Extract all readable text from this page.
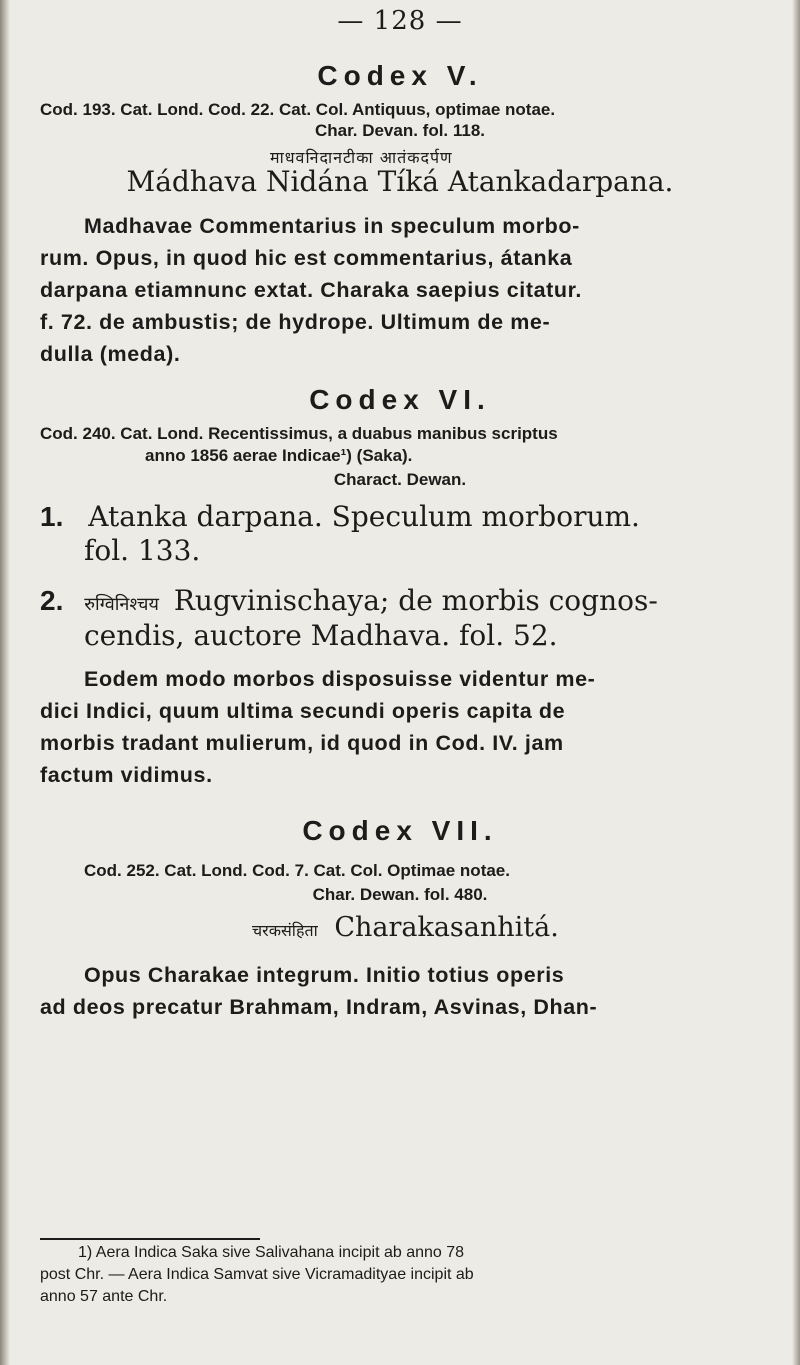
— 128 —
Codex V.
Cod. 193. Cat. Lond. Cod. 22. Cat. Col. Antiquus, optimae notae.
Char. Devan. fol. 118.
माधवनिदानटीका आतंकदर्पण
Mádhava Nidána Tíká Atankadarpana.
Madhavae Commentarius in speculum morbo-
rum. Opus, in quod hic est commentarius, átanka
darpana etiamnunc extat. Charaka saepius citatur.
f. 72. de ambustis; de hydrope. Ultimum de me-
dulla (meda).
Codex VI.
Cod. 240. Cat. Lond. Recentissimus, a duabus manibus scriptus
anno 1856 aerae Indicae¹) (Saka).
Charact. Dewan.
1. Atanka darpana. Speculum morborum.
fol. 133.
2. रुग्विनिश्चय Rugvinischaya; de morbis cognos-
cendis, auctore Madhava. fol. 52.
Eodem modo morbos disposuisse videntur me-
dici Indici, quum ultima secundi operis capita de
morbis tradant mulierum, id quod in Cod. IV. jam
factum vidimus.
Codex VII.
Cod. 252. Cat. Lond. Cod. 7. Cat. Col. Optimae notae.
Char. Dewan. fol. 480.
चरकसंहिता Charakasanhitá.
Opus Charakae integrum. Initio totius operis
ad deos precatur Brahmam, Indram, Asvinas, Dhan-
1) Aera Indica Saka sive Salivahana incipit ab anno 78
post Chr. — Aera Indica Samvat sive Vicramadityae incipit ab
anno 57 ante Chr.
